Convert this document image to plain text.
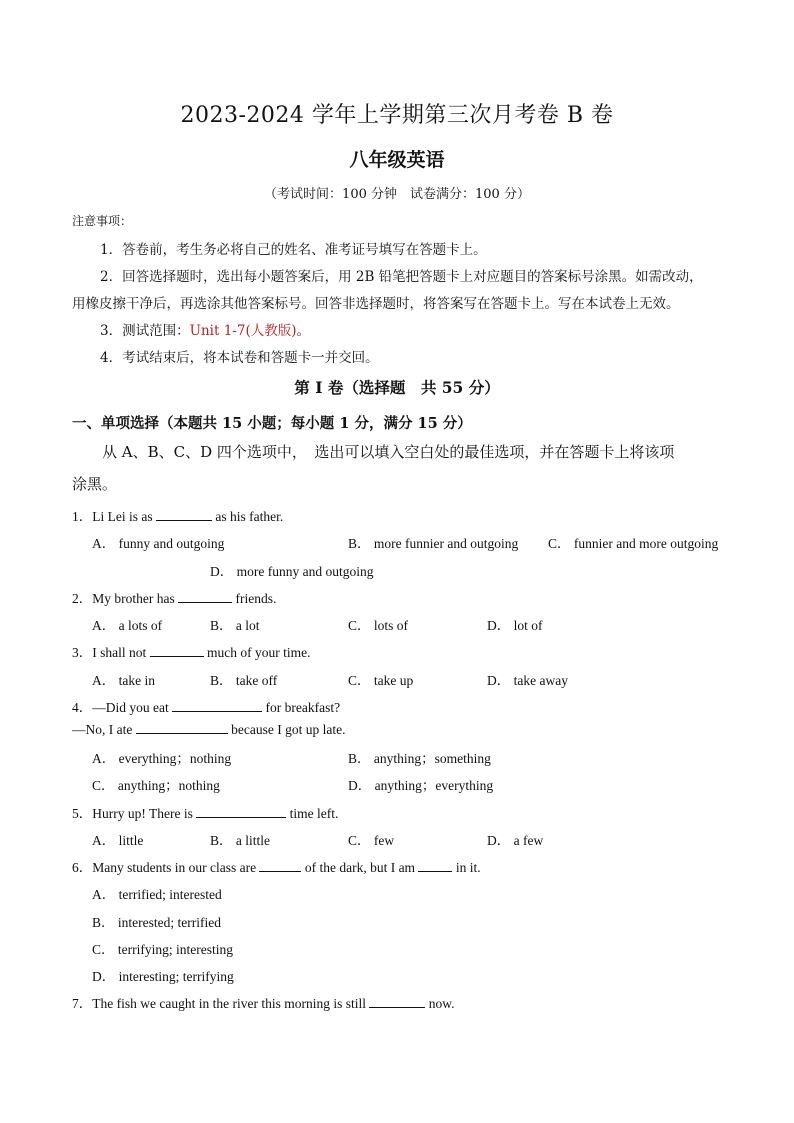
2023-2024 学年上学期第三次月考卷 B 卷
八年级英语
（考试时间：100 分钟　试卷满分：100 分）
注意事项：
1．答卷前，考生务必将自己的姓名、准考证号填写在答题卡上。
2．回答选择题时，选出每小题答案后，用 2B 铅笔把答题卡上对应题目的答案标号涂黑。如需改动，
用橡皮擦干净后，再选涂其他答案标号。回答非选择题时，将答案写在答题卡上。写在本试卷上无效。
3．测试范围：Unit 1-7(人教版)。
4．考试结束后，将本试卷和答题卡一并交回。
第 I 卷（选择题　共 55 分）
一、单项选择（本题共 15 小题；每小题 1 分，满分 15 分）
从 A、B、C、D 四个选项中，　选出可以填入空白处的最佳选项，并在答题卡上将该项
涂黑。
1．Li Lei is as	as his father.
A． funny and outgoing	B． more funnier and outgoing C． funnier and more outgoing
D． more funny and outgoing
2．My brother has	friends.
A． a lots of	B． a lot	C． lots of	D． lot of
3．I shall not	much of your time.
A． take in	B． take off	C． take up	D． take away
4．—Did you eat	for breakfast?
—No, I ate	because I got up late.
A． everything；nothing	B． anything；something
C． anything；nothing	D． anything；everything
5．Hurry up! There is	time left.
A． little	B． a little	C． few	D． a few
6．Many students in our class are	of the dark, but I am	in it.
A． terrified; interested
B． interested; terrified
C． terrifying; interesting
D． interesting; terrifying
7．The fish we caught in the river this morning is still	now.
